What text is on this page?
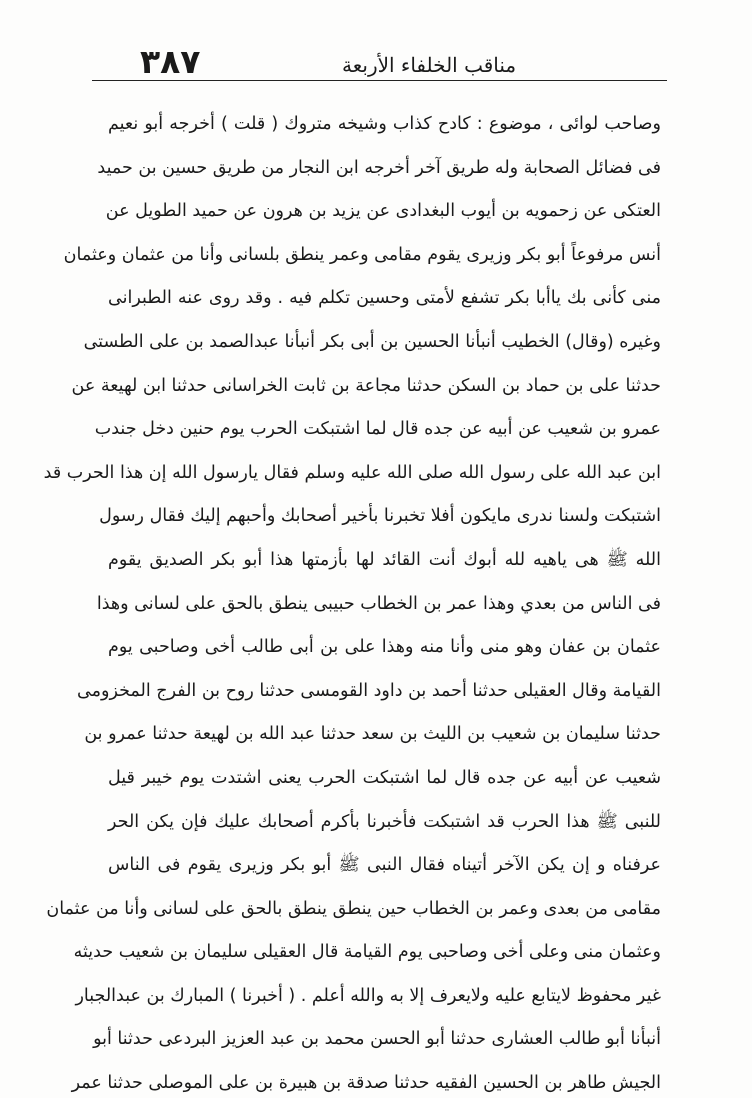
٣٨٧	مناقب الخلفاء الأربعة
وصاحب لوائى ، موضوع : كادح كذاب وشيخه متروك ( قلت ) أخرجه أبو نعيم
فى فضائل الصحابة وله طريق آخر أخرجه ابن النجار من طريق حسين بن حميد
العتكى عن زحمويه بن أيوب البغدادى عن يزيد بن هرون عن حميد الطويل عن
أنس مرفوعاً أبو بكر وزيرى يقوم مقامى وعمر ينطق بلسانى وأنا من عثمان وعثمان
منى كأنى بك ياأبا بكر تشفع لأمتى وحسين تكلم فيه . وقد روى عنه الطبرانى
وغيره (وقال) الخطيب أنبأنا الحسين بن أبى بكر أنبأنا عبدالصمد بن على الطستى
حدثنا على بن حماد بن السكن حدثنا مجاعة بن ثابت الخراسانى حدثنا ابن لهيعة عن
عمرو بن شعيب عن أبيه عن جده قال لما اشتبكت الحرب يوم حنين دخل جندب
ابن عبد الله على رسول الله صلى الله عليه وسلم فقال يارسول الله إن هذا الحرب قد
اشتبكت ولسنا ندرى مايكون أفلا تخبرنا بأخير أصحابك وأحبهم إليك فقال رسول
الله ﷺ هى ياهيه لله أبوك أنت القائد لها بأزمتها هذا أبو بكر الصديق يقوم
فى الناس من بعدي وهذا عمر بن الخطاب حبيبى ينطق بالحق على لسانى وهذا
عثمان بن عفان وهو منى وأنا منه وهذا على بن أبى طالب أخى وصاحبى يوم
القيامة وقال العقيلى حدثنا أحمد بن داود القومسى حدثنا روح بن الفرج المخزومى
حدثنا سليمان بن شعيب بن الليث بن سعد حدثنا عبد الله بن لهيعة حدثنا عمرو بن
شعيب عن أبيه عن جده قال لما اشتبكت الحرب يعنى اشتدت يوم خيبر قيل
للنبى ﷺ هذا الحرب قد اشتبكت فأخبرنا بأكرم أصحابك عليك فإن يكن الحر
عرفناه و إن يكن الآخر أتيناه فقال النبى ﷺ أبو بكر وزيرى يقوم فى الناس
مقامى من بعدى وعمر بن الخطاب حين ينطق ينطق بالحق على لسانى وأنا من عثمان
وعثمان منى وعلى أخى وصاحبى يوم القيامة قال العقيلى سليمان بن شعيب حديثه
غير محفوظ لايتابع عليه ولايعرف إلا به والله أعلم . ( أخبرنا ) المبارك بن عبدالجبار
أنبأنا أبو طالب العشارى حدثنا أبو الحسن محمد بن عبد العزيز البردعى حدثنا أبو
الجيش طاهر بن الحسين الفقيه حدثنا صدقة بن هبيرة بن على الموصلى حدثنا عمر
